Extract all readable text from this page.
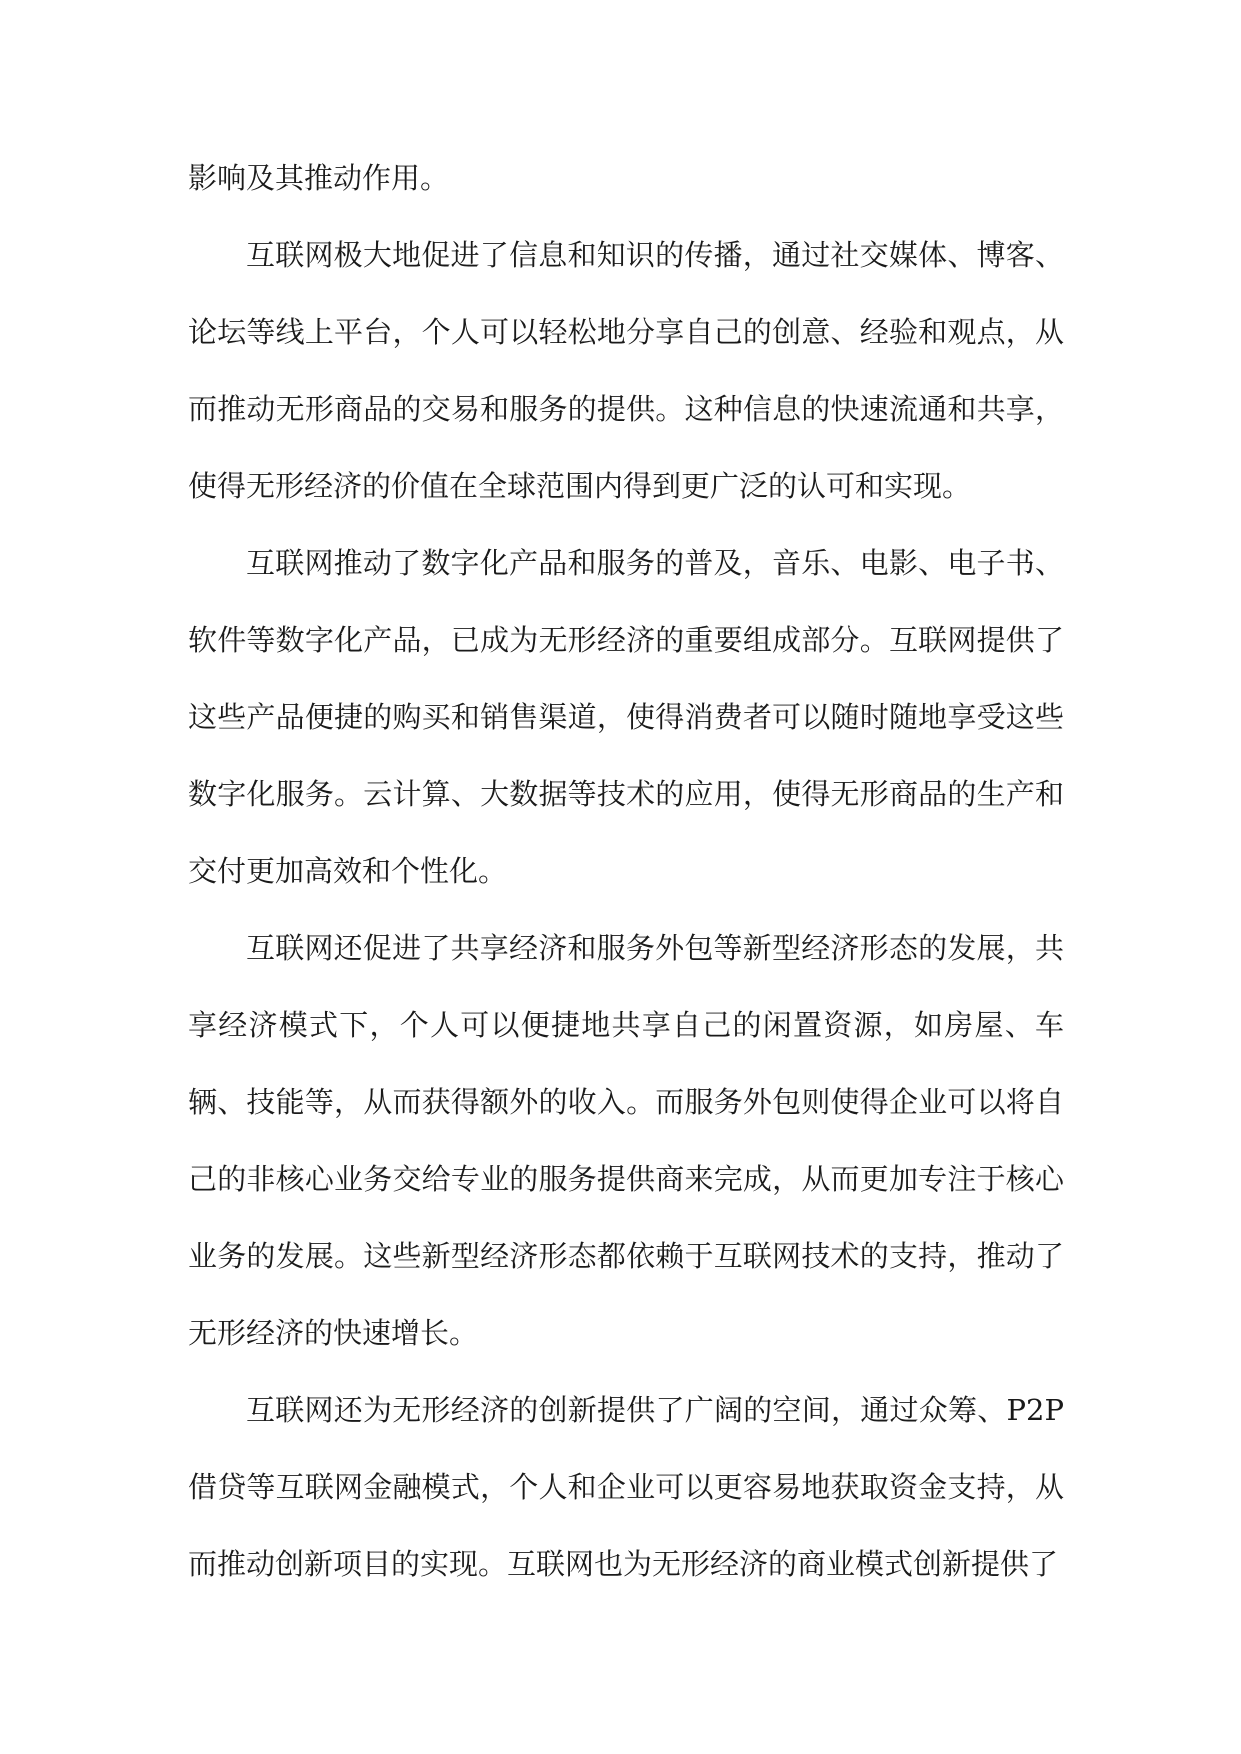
影响及其推动作用。

互联网极大地促进了信息和知识的传播，通过社交媒体、博客、论坛等线上平台，个人可以轻松地分享自己的创意、经验和观点，从而推动无形商品的交易和服务的提供。这种信息的快速流通和共享，使得无形经济的价值在全球范围内得到更广泛的认可和实现。

互联网推动了数字化产品和服务的普及，音乐、电影、电子书、软件等数字化产品，已成为无形经济的重要组成部分。互联网提供了这些产品便捷的购买和销售渠道，使得消费者可以随时随地享受这些数字化服务。云计算、大数据等技术的应用，使得无形商品的生产和交付更加高效和个性化。

互联网还促进了共享经济和服务外包等新型经济形态的发展，共享经济模式下，个人可以便捷地共享自己的闲置资源，如房屋、车辆、技能等，从而获得额外的收入。而服务外包则使得企业可以将自己的非核心业务交给专业的服务提供商来完成，从而更加专注于核心业务的发展。这些新型经济形态都依赖于互联网技术的支持，推动了无形经济的快速增长。

互联网还为无形经济的创新提供了广阔的空间，通过众筹、P2P借贷等互联网金融模式，个人和企业可以更容易地获取资金支持，从而推动创新项目的实现。互联网也为无形经济的商业模式创新提供了
